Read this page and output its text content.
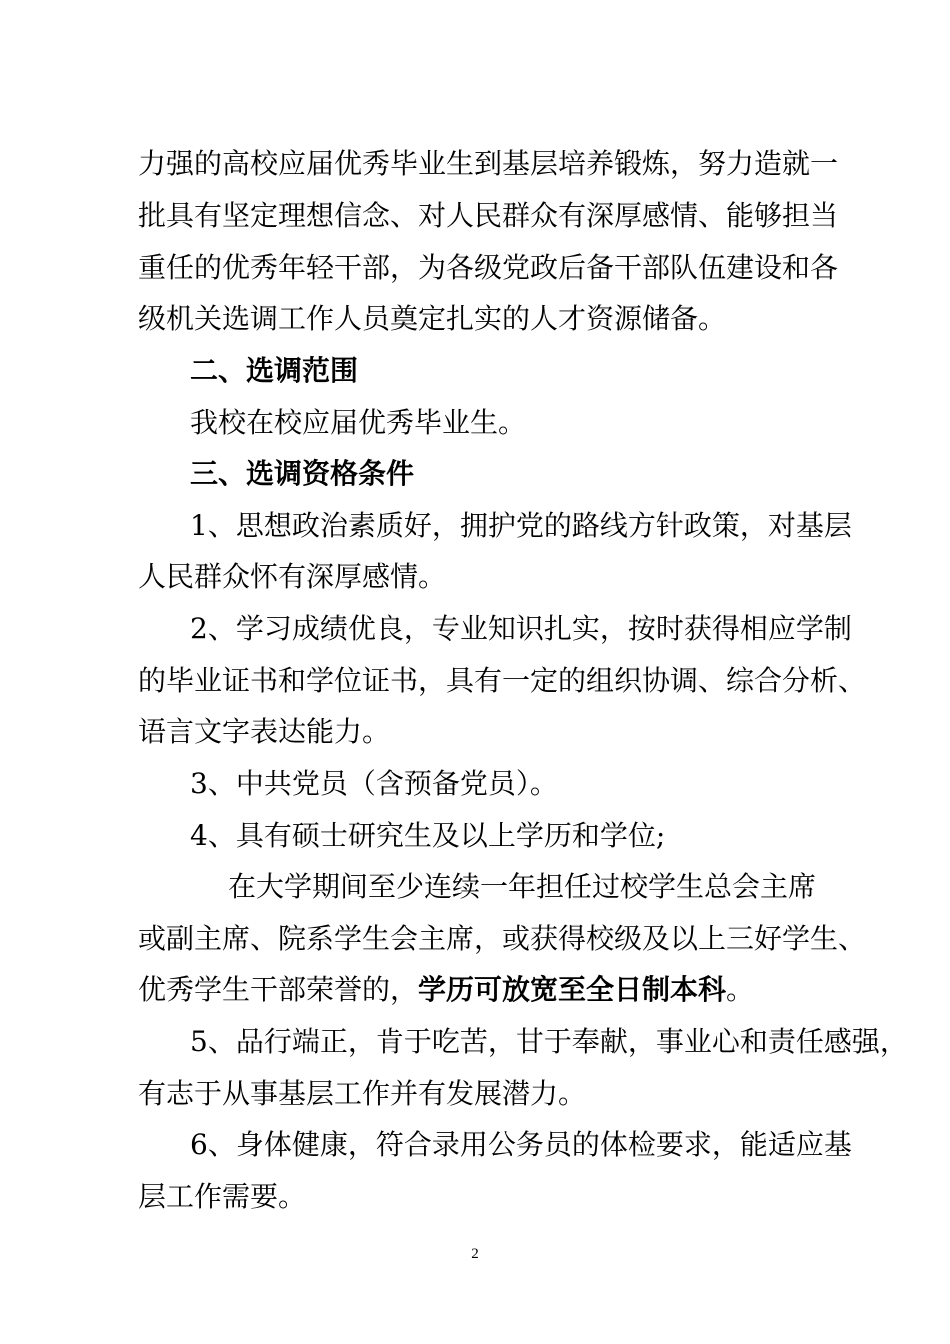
力强的高校应届优秀毕业生到基层培养锻炼，努力造就一
批具有坚定理想信念、对人民群众有深厚感情、能够担当
重任的优秀年轻干部，为各级党政后备干部队伍建设和各
级机关选调工作人员奠定扎实的人才资源储备。
二、选调范围
我校在校应届优秀毕业生。
三、选调资格条件
1、思想政治素质好，拥护党的路线方针政策，对基层
人民群众怀有深厚感情。
2、学习成绩优良，专业知识扎实，按时获得相应学制
的毕业证书和学位证书，具有一定的组织协调、综合分析、
语言文字表达能力。
3、中共党员（含预备党员）。
4、具有硕士研究生及以上学历和学位;
在大学期间至少连续一年担任过校学生总会主席
或副主席、院系学生会主席，或获得校级及以上三好学生、
优秀学生干部荣誉的，学历可放宽至全日制本科。
5、品行端正，肯于吃苦，甘于奉献，事业心和责任感强，
有志于从事基层工作并有发展潜力。
6、身体健康，符合录用公务员的体检要求，能适应基
层工作需要。
2
